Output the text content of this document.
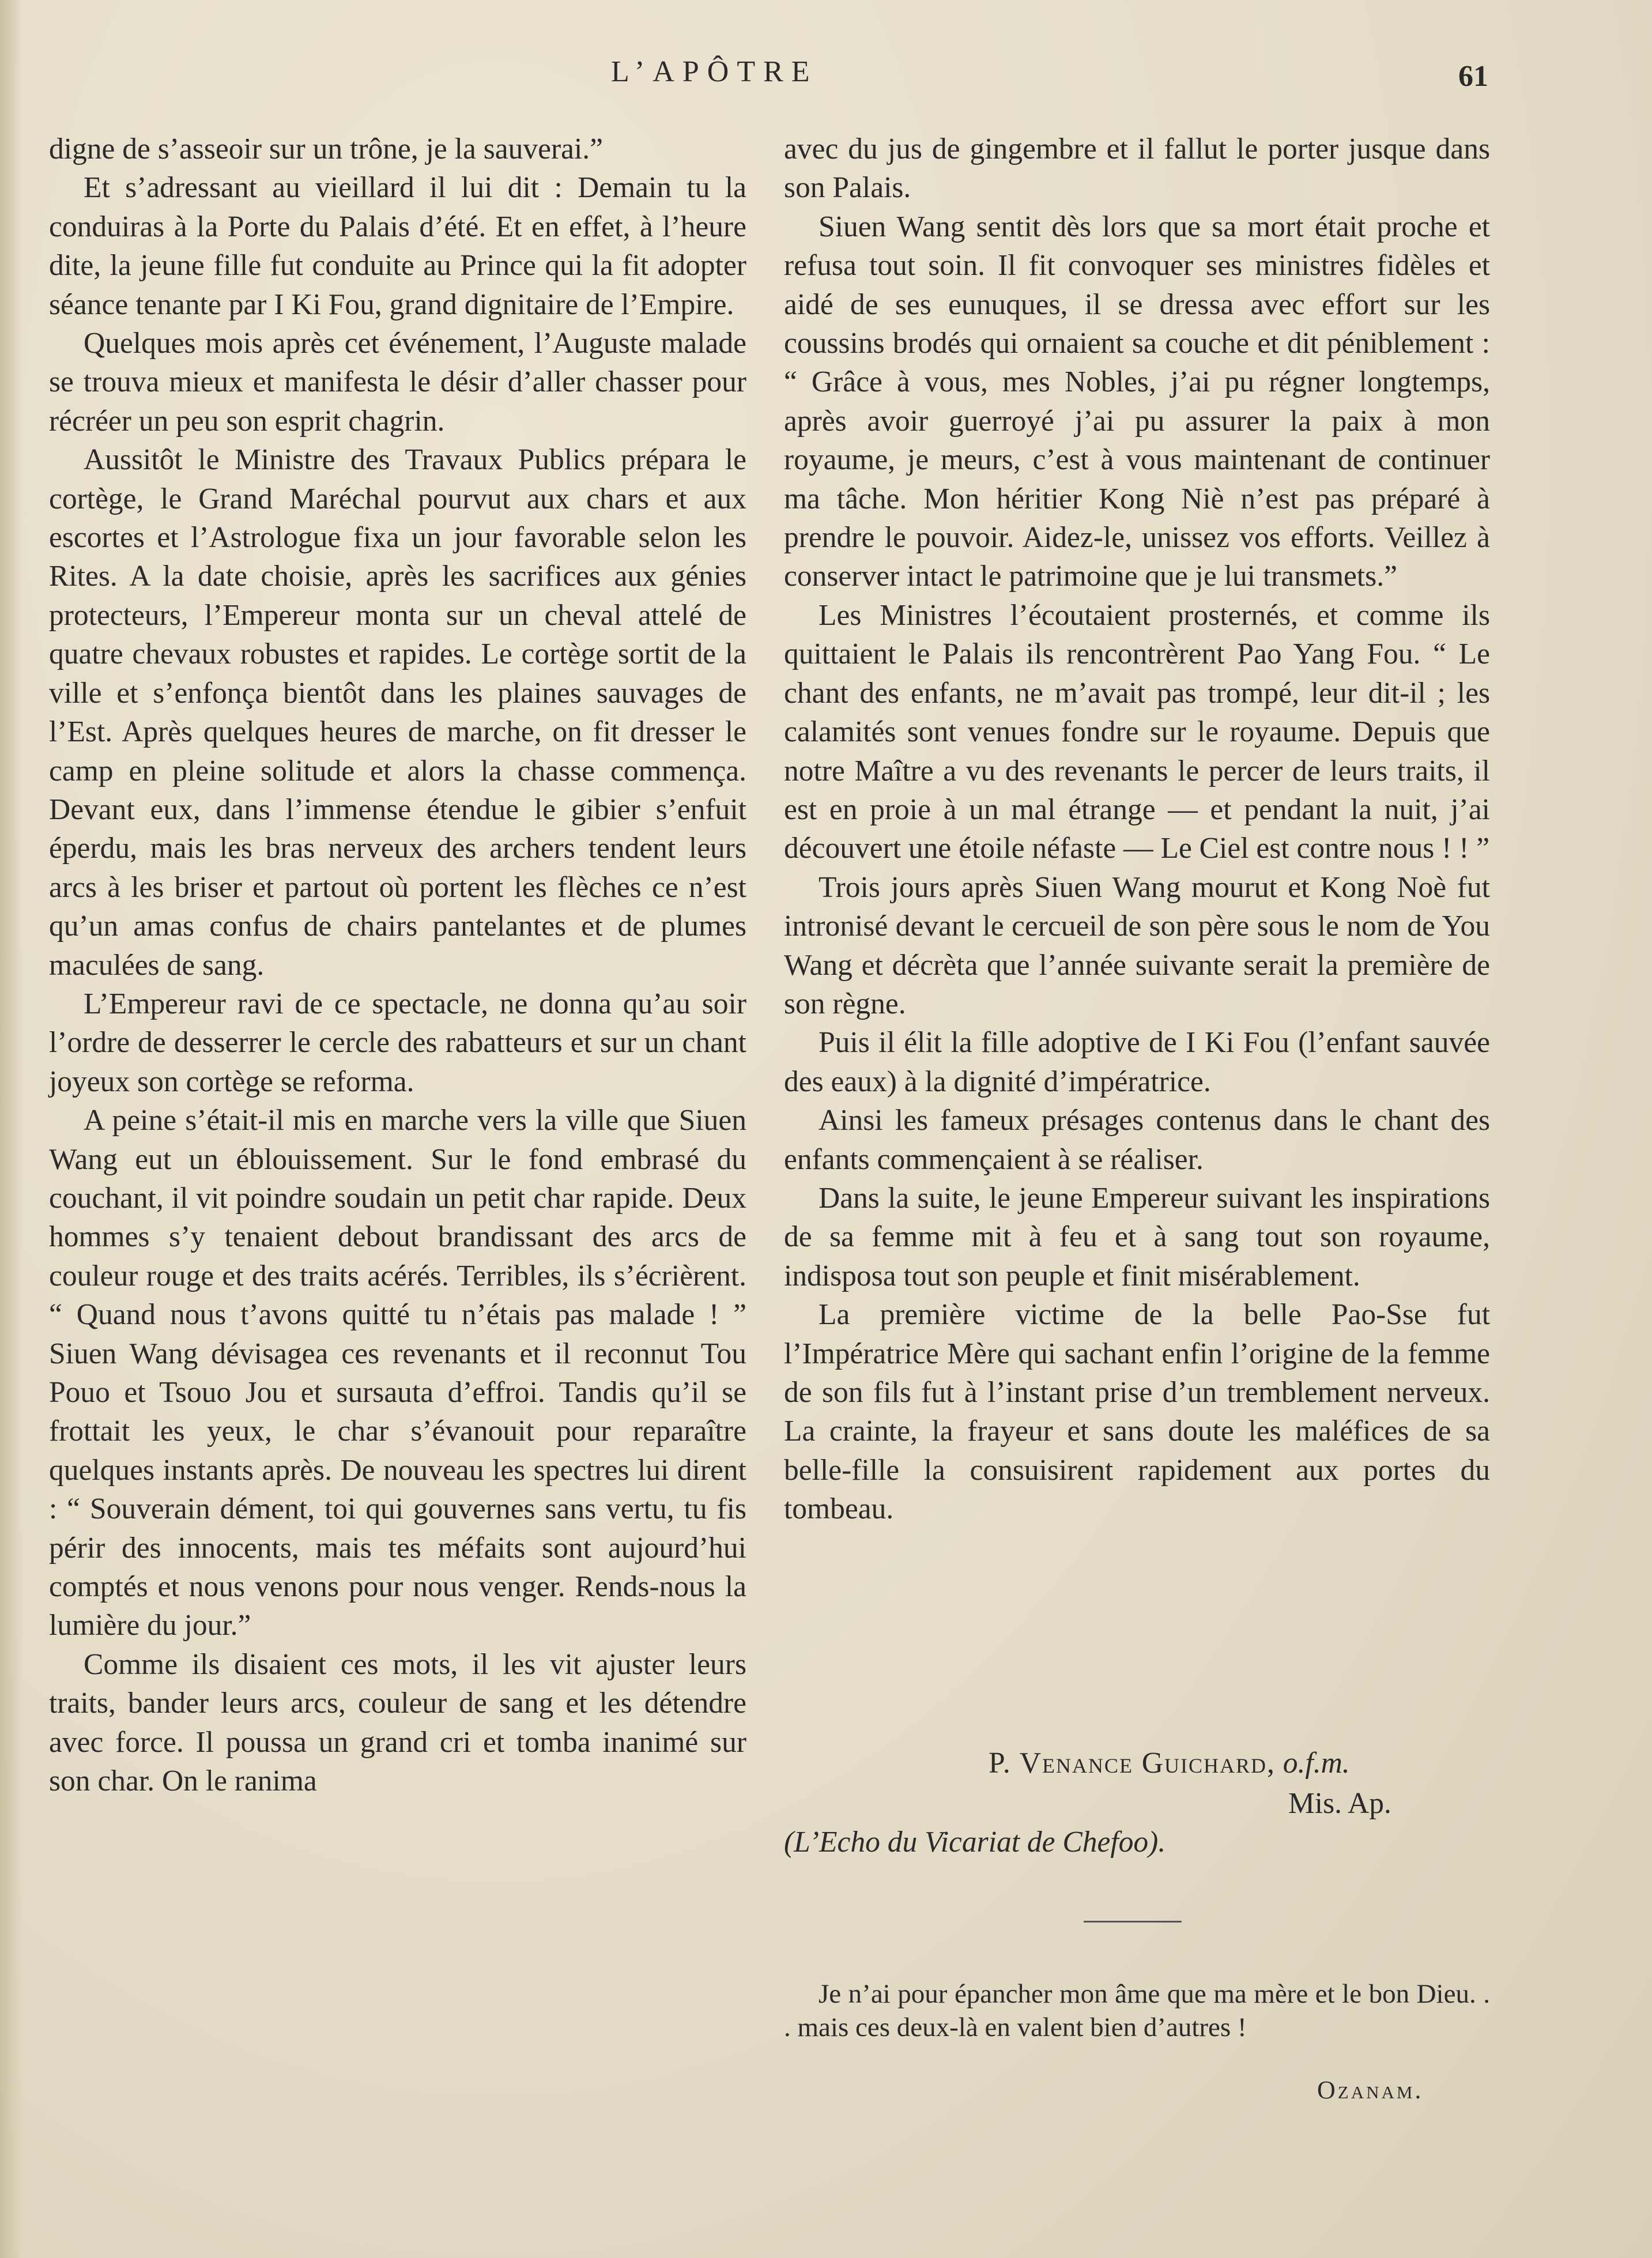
L’APÔTRE	61

digne de s’asseoir sur un trône, je la sauverai.”

Et s’adressant au vieillard il lui dit : Demain tu la conduiras à la Porte du Palais d’été. Et en effet, à l’heure dite, la jeune fille fut conduite au Prince qui la fit adopter séance tenante par I Ki Fou, grand dignitaire de l’Empire.

Quelques mois après cet événement, l’Auguste malade se trouva mieux et manifesta le désir d’aller chasser pour récréer un peu son esprit chagrin.

Aussitôt le Ministre des Travaux Publics prépara le cortège, le Grand Maréchal pourvut aux chars et aux escortes et l’Astrologue fixa un jour favorable selon les Rites. A la date choisie, après les sacrifices aux génies protecteurs, l’Empereur monta sur un cheval attelé de quatre chevaux robustes et rapides. Le cortège sortit de la ville et s’enfonça bientôt dans les plaines sauvages de l’Est. Après quelques heures de marche, on fit dresser le camp en pleine solitude et alors la chasse commença. Devant eux, dans l’immense étendue le gibier s’enfuit éperdu, mais les bras nerveux des archers tendent leurs arcs à les briser et partout où portent les flèches ce n’est qu’un amas confus de chairs pantelantes et de plumes maculées de sang.

L’Empereur ravi de ce spectacle, ne donna qu’au soir l’ordre de desserrer le cercle des rabatteurs et sur un chant joyeux son cortège se reforma.

A peine s’était-il mis en marche vers la ville que Siuen Wang eut un éblouissement. Sur le fond embrasé du couchant, il vit poindre soudain un petit char rapide. Deux hommes s’y tenaient debout brandissant des arcs de couleur rouge et des traits acérés. Terribles, ils s’écrièrent. “ Quand nous t’avons quitté tu n’étais pas malade ! ” Siuen Wang dévisagea ces revenants et il reconnut Tou Pouo et Tsouo Jou et sursauta d’effroi. Tandis qu’il se frottait les yeux, le char s’évanouit pour reparaître quelques instants après. De nouveau les spectres lui dirent : “ Souverain dément, toi qui gouvernes sans vertu, tu fis périr des innocents, mais tes méfaits sont aujourd’hui comptés et nous venons pour nous venger. Rends-nous la lumière du jour.”

Comme ils disaient ces mots, il les vit ajuster leurs traits, bander leurs arcs, couleur de sang et les détendre avec force. Il poussa un grand cri et tomba inanimé sur son char. On le ranima

avec du jus de gingembre et il fallut le porter jusque dans son Palais.

Siuen Wang sentit dès lors que sa mort était proche et refusa tout soin. Il fit convoquer ses ministres fidèles et aidé de ses eunuques, il se dressa avec effort sur les coussins brodés qui ornaient sa couche et dit péniblement : “ Grâce à vous, mes Nobles, j’ai pu régner longtemps, après avoir guerroyé j’ai pu assurer la paix à mon royaume, je meurs, c’est à vous maintenant de continuer ma tâche. Mon héritier Kong Niè n’est pas préparé à prendre le pouvoir. Aidez-le, unissez vos efforts. Veillez à conserver intact le patrimoine que je lui transmets.”

Les Ministres l’écoutaient prosternés, et comme ils quittaient le Palais ils rencontrèrent Pao Yang Fou. “ Le chant des enfants, ne m’avait pas trompé, leur dit-il ; les calamités sont venues fondre sur le royaume. Depuis que notre Maître a vu des revenants le percer de leurs traits, il est en proie à un mal étrange — et pendant la nuit, j’ai découvert une étoile néfaste — Le Ciel est contre nous ! ! ”

Trois jours après Siuen Wang mourut et Kong Noè fut intronisé devant le cercueil de son père sous le nom de You Wang et décrèta que l’année suivante serait la première de son règne.

Puis il élit la fille adoptive de I Ki Fou (l’enfant sauvée des eaux) à la dignité d’impératrice.

Ainsi les fameux présages contenus dans le chant des enfants commençaient à se réaliser.

Dans la suite, le jeune Empereur suivant les inspirations de sa femme mit à feu et à sang tout son royaume, indisposa tout son peuple et finit misérablement.

La première victime de la belle Pao-Sse fut l’Impératrice Mère qui sachant enfin l’origine de la femme de son fils fut à l’instant prise d’un tremblement nerveux. La crainte, la frayeur et sans doute les maléfices de sa belle-fille la consuisirent rapidement aux portes du tombeau.

P. Venance Guichard, o.f.m.
Mis. Ap.
(L’Echo du Vicariat de Chefoo).

Je n’ai pour épancher mon âme que ma mère et le bon Dieu. . . mais ces deux-là en valent bien d’autres !

Ozanam.
